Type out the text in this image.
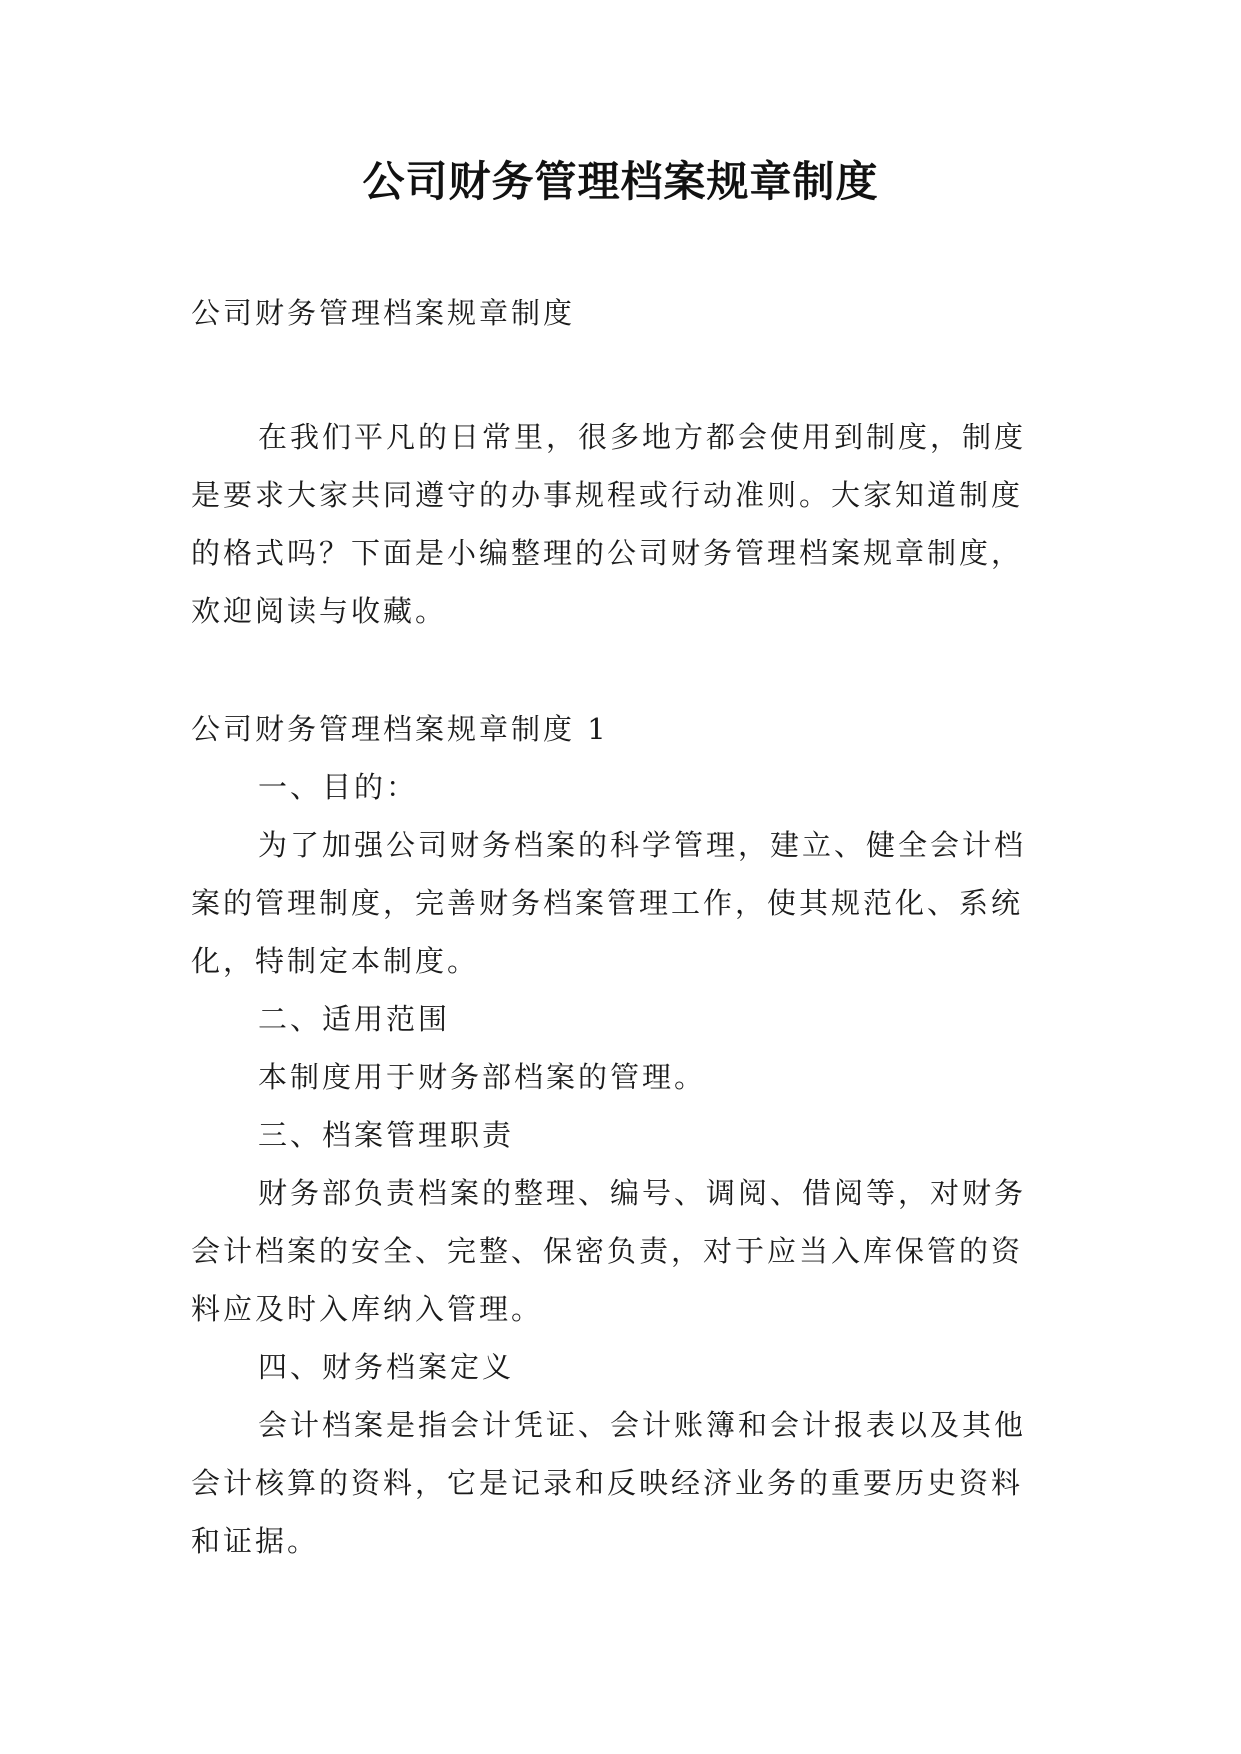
公司财务管理档案规章制度
公司财务管理档案规章制度
在我们平凡的日常里，很多地方都会使用到制度，制度
是要求大家共同遵守的办事规程或行动准则。大家知道制度
的格式吗？下面是小编整理的公司财务管理档案规章制度，
欢迎阅读与收藏。
公司财务管理档案规章制度 1
一、目的：
为了加强公司财务档案的科学管理，建立、健全会计档
案的管理制度，完善财务档案管理工作，使其规范化、系统
化，特制定本制度。
二、适用范围
本制度用于财务部档案的管理。
三、档案管理职责
财务部负责档案的整理、编号、调阅、借阅等，对财务
会计档案的安全、完整、保密负责，对于应当入库保管的资
料应及时入库纳入管理。
四、财务档案定义
会计档案是指会计凭证、会计账簿和会计报表以及其他
会计核算的资料，它是记录和反映经济业务的重要历史资料
和证据。
